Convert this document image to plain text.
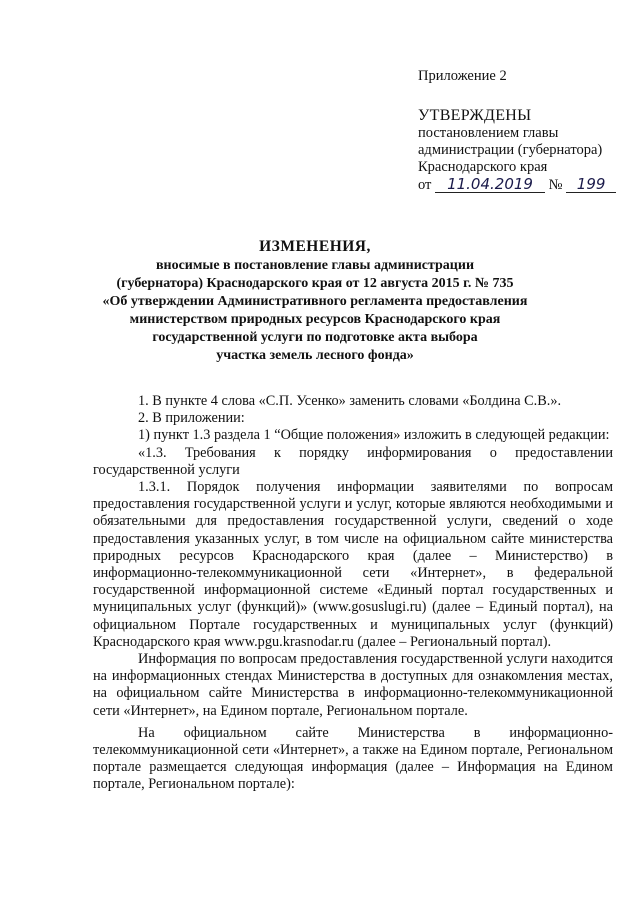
Приложение 2
УТВЕРЖДЕНЫ
постановлением главы
администрации (губернатора)
Краснодарского края
от 11.04.2019 № 199
ИЗМЕНЕНИЯ,
вносимые в постановление главы администрации
(губернатора) Краснодарского края от 12 августа 2015 г. № 735
«Об утверждении Административного регламента предоставления
министерством природных ресурсов Краснодарского края
государственной услуги по подготовке акта выбора
участка земель лесного фонда»

1. В пункте 4 слова «С.П. Усенко» заменить словами «Болдина С.В.».

2. В приложении:

1) пункт 1.3 раздела 1 “Общие положения» изложить в следующей редакции:

«1.3. Требования к порядку информирования о предоставлении государственной услуги

1.3.1. Порядок получения информации заявителями по вопросам предоставления государственной услуги и услуг, которые являются необходимыми и обязательными для предоставления государственной услуги, сведений о ходе предоставления указанных услуг, в том числе на официальном сайте министерства природных ресурсов Краснодарского края (далее – Министерство) в информационно-телекоммуникационной сети «Интернет», в федеральной государственной информационной системе «Единый портал государственных и муниципальных услуг (функций)» (www.gosuslugi.ru) (далее – Единый портал), на официальном Портале государственных и муниципальных услуг (функций) Краснодарского края www.pgu.krasnodar.ru (далее – Региональный портал).

Информация по вопросам предоставления государственной услуги находится на информационных стендах Министерства в доступных для ознакомления местах, на официальном сайте Министерства в информационно-телекоммуникационной сети «Интернет», на Едином портале, Региональном портале.

На официальном сайте Министерства в информационно-телекоммуникационной сети «Интернет», а также на Едином портале, Региональном портале размещается следующая информация (далее – Информация на Едином портале, Региональном портале):
